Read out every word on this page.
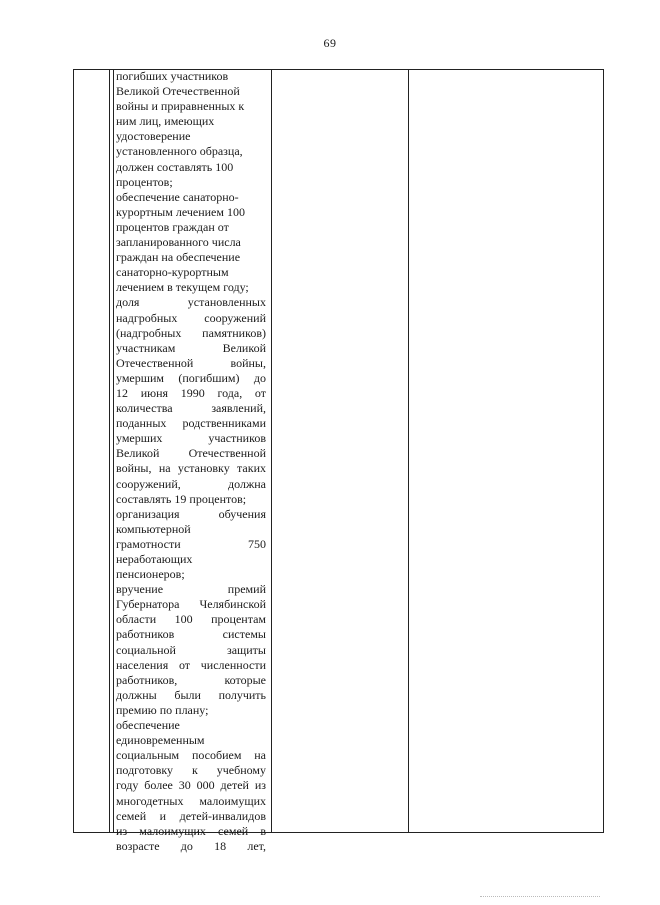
69
погибших участников
Великой Отечественной
войны и приравненных к
ним лиц, имеющих
удостоверение
установленного образца,
должен составлять 100
процентов;
обеспечение санаторно-
курортным лечением 100
процентов граждан от
запланированного числа
граждан на обеспечение
санаторно-курортным
лечением в текущем году;
доля установленных
надгробных сооружений
(надгробных памятников)
участникам Великой
Отечественной войны,
умершим (погибшим) до
12 июня 1990 года, от
количества заявлений,
поданных родственниками
умерших участников
Великой Отечественной
войны, на установку таких
сооружений, должна
составлять 19 процентов;
организация обучения
компьютерной
грамотности 750
неработающих
пенсионеров;
вручение премий
Губернатора Челябинской
области 100 процентам
работников системы
социальной защиты
населения от численности
работников, которые
должны были получить
премию по плану;
обеспечение
единовременным
социальным пособием на
подготовку к учебному
году более 30 000 детей из
многодетных малоимущих
семей и детей-инвалидов
из малоимущих семей в
возрасте до 18 лет,
